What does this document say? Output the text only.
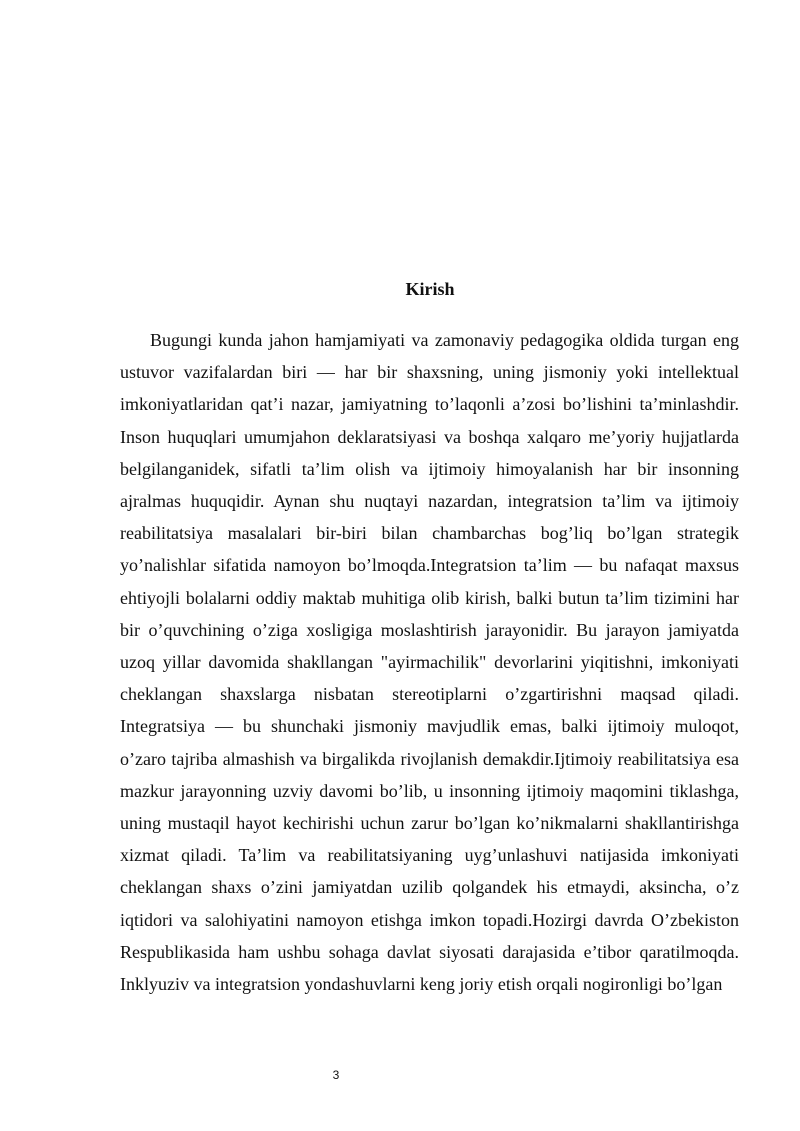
Kirish

Bugungi kunda jahon hamjamiyati va zamonaviy pedagogika oldida turgan eng ustuvor vazifalardan biri — har bir shaxsning, uning jismoniy yoki intellektual imkoniyatlaridan qat’i nazar, jamiyatning to’laqonli a’zosi bo’lishini ta’minlashdir. Inson huquqlari umumjahon deklaratsiyasi va boshqa xalqaro me’yoriy hujjatlarda belgilanganidek, sifatli ta’lim olish va ijtimoiy himoyalanish har bir insonning ajralmas huquqidir. Aynan shu nuqtayi nazardan, integratsion ta’lim va ijtimoiy reabilitatsiya masalalari bir-biri bilan chambarchas bog’liq bo’lgan strategik yo’nalishlar sifatida namoyon bo’lmoqda.Integratsion ta’lim — bu nafaqat maxsus ehtiyojli bolalarni oddiy maktab muhitiga olib kirish, balki butun ta’lim tizimini har bir o’quvchining o’ziga xosligiga moslashtirish jarayonidir. Bu jarayon jamiyatda uzoq yillar davomida shakllangan "ayirmachilik" devorlarini yiqitishni, imkoniyati cheklangan shaxslarga nisbatan stereotiplarni o’zgartirishni maqsad qiladi. Integratsiya — bu shunchaki jismoniy mavjudlik emas, balki ijtimoiy muloqot, o’zaro tajriba almashish va birgalikda rivojlanish demakdir.Ijtimoiy reabilitatsiya esa mazkur jarayonning uzviy davomi bo’lib, u insonning ijtimoiy maqomini tiklashga, uning mustaqil hayot kechirishi uchun zarur bo’lgan ko’nikmalarni shakllantirishga xizmat qiladi. Ta’lim va reabilitatsiyaning uyg’unlashuvi natijasida imkoniyati cheklangan shaxs o’zini jamiyatdan uzilib qolgandek his etmaydi, aksincha, o’z iqtidori va salohiyatini namoyon etishga imkon topadi.Hozirgi davrda O’zbekiston Respublikasida ham ushbu sohaga davlat siyosati darajasida e’tibor qaratilmoqda. Inklyuziv va integratsion yondashuvlarni keng joriy etish orqali nogironligi bo’lgan

3
